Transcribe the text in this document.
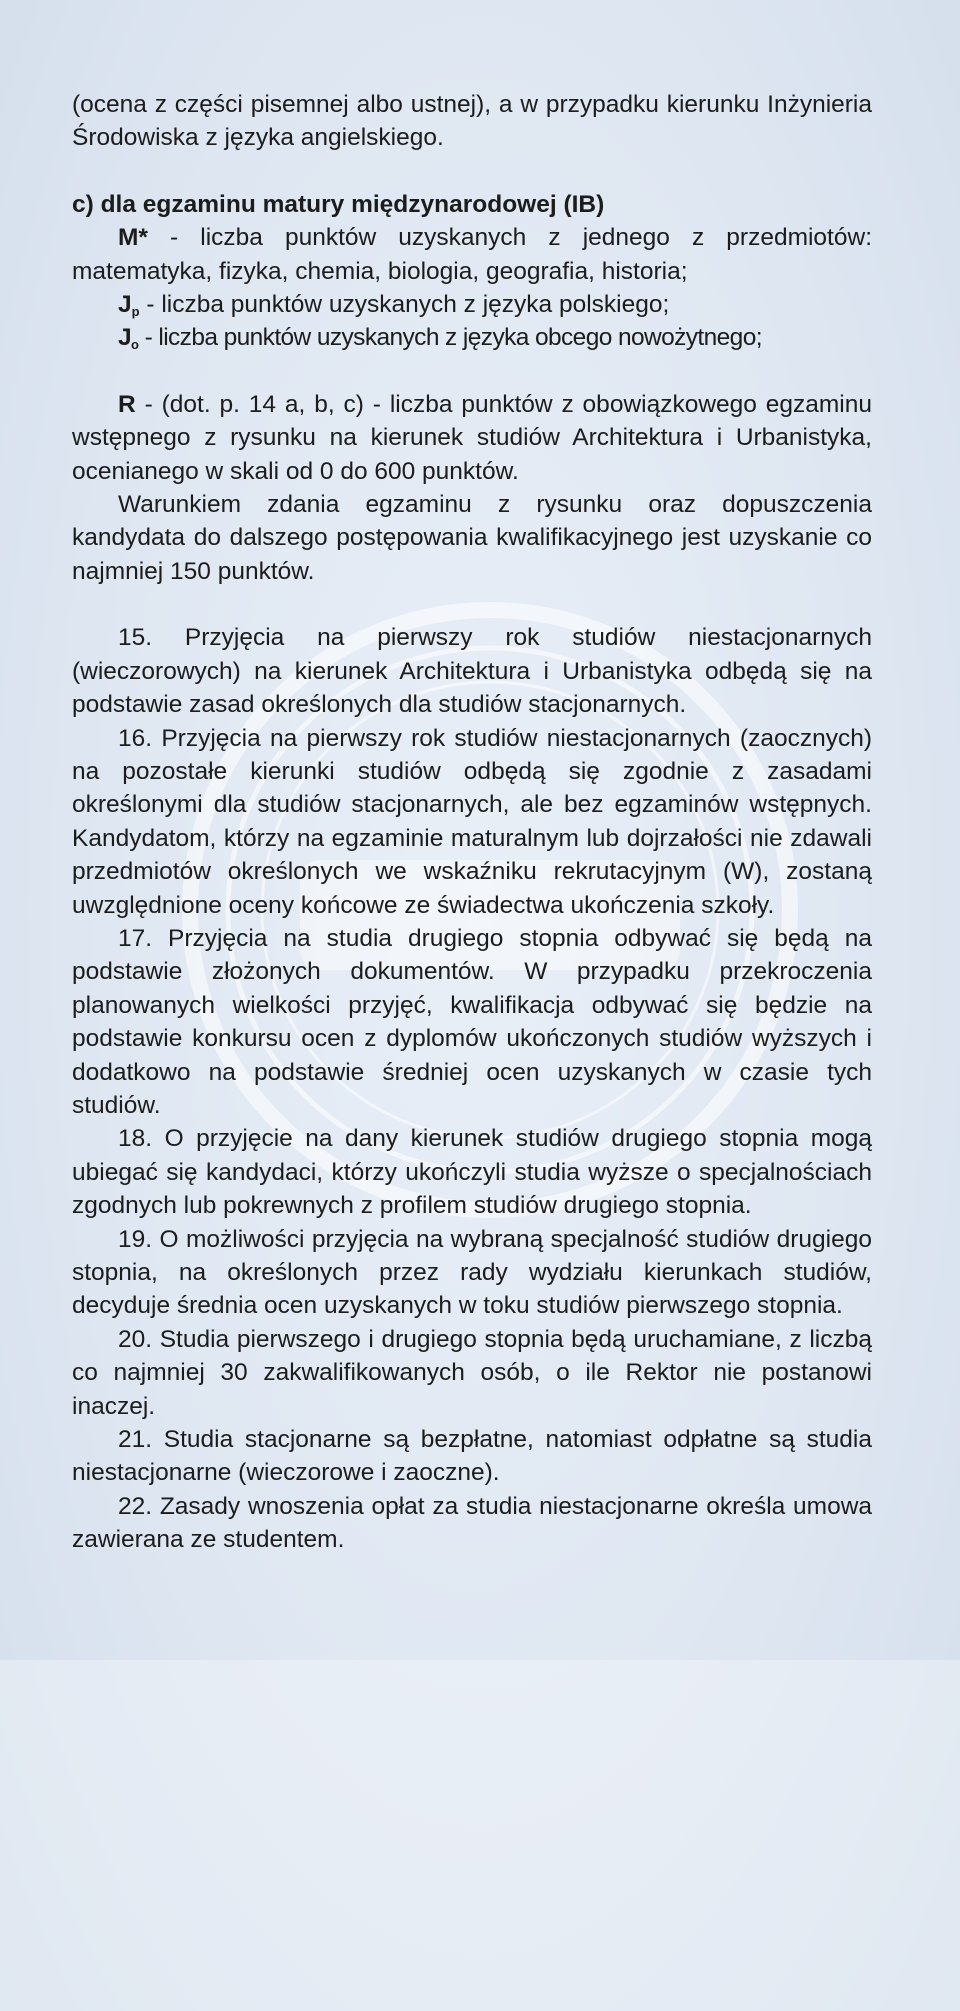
(ocena z części pisemnej albo ustnej), a w przypadku kierunku Inżynieria Środowiska z języka angielskiego.

c) dla egzaminu matury międzynarodowej (IB)

M* - liczba punktów uzyskanych z jednego z przedmiotów: matematyka, fizyka, chemia, biologia, geografia, historia;

$J_p$ - liczba punktów uzyskanych z języka polskiego;

$J_o$ - liczba punktów uzyskanych z języka obcego nowożytnego;

R - (dot. p. 14 a, b, c) - liczba punktów z obowiązkowego egzaminu wstępnego z rysunku na kierunek studiów Architektura i Urbanistyka, ocenianego w skali od 0 do 600 punktów.

Warunkiem zdania egzaminu z rysunku oraz dopuszczenia kandydata do dalszego postępowania kwalifikacyjnego jest uzyskanie co najmniej 150 punktów.

15. Przyjęcia na pierwszy rok studiów niestacjonarnych (wieczorowych) na kierunek Architektura i Urbanistyka odbędą się na podstawie zasad określonych dla studiów stacjonarnych.

16. Przyjęcia na pierwszy rok studiów niestacjonarnych (zaocznych) na pozostałe kierunki studiów odbędą się zgodnie z zasadami określonymi dla studiów stacjonarnych, ale bez egzaminów wstępnych. Kandydatom, którzy na egzaminie maturalnym lub dojrzałości nie zdawali przedmiotów określonych we wskaźniku rekrutacyjnym (W), zostaną uwzględnione oceny końcowe ze świadectwa ukończenia szkoły.

17. Przyjęcia na studia drugiego stopnia odbywać się będą na podstawie złożonych dokumentów. W przypadku przekroczenia planowanych wielkości przyjęć, kwalifikacja odbywać się będzie na podstawie konkursu ocen z dyplomów ukończonych studiów wyższych i dodatkowo na podstawie średniej ocen uzyskanych w czasie tych studiów.

18. O przyjęcie na dany kierunek studiów drugiego stopnia mogą ubiegać się kandydaci, którzy ukończyli studia wyższe o specjalnościach zgodnych lub pokrewnych z profilem studiów drugiego stopnia.

19. O możliwości przyjęcia na wybraną specjalność studiów drugiego stopnia, na określonych przez rady wydziału kierunkach studiów, decyduje średnia ocen uzyskanych w toku studiów pierwszego stopnia.

20. Studia pierwszego i drugiego stopnia będą uruchamiane, z liczbą co najmniej 30 zakwalifikowanych osób, o ile Rektor nie postanowi inaczej.

21. Studia stacjonarne są bezpłatne, natomiast odpłatne są studia niestacjonarne (wieczorowe i zaoczne).

22. Zasady wnoszenia opłat za studia niestacjonarne określa umowa zawierana ze studentem.
